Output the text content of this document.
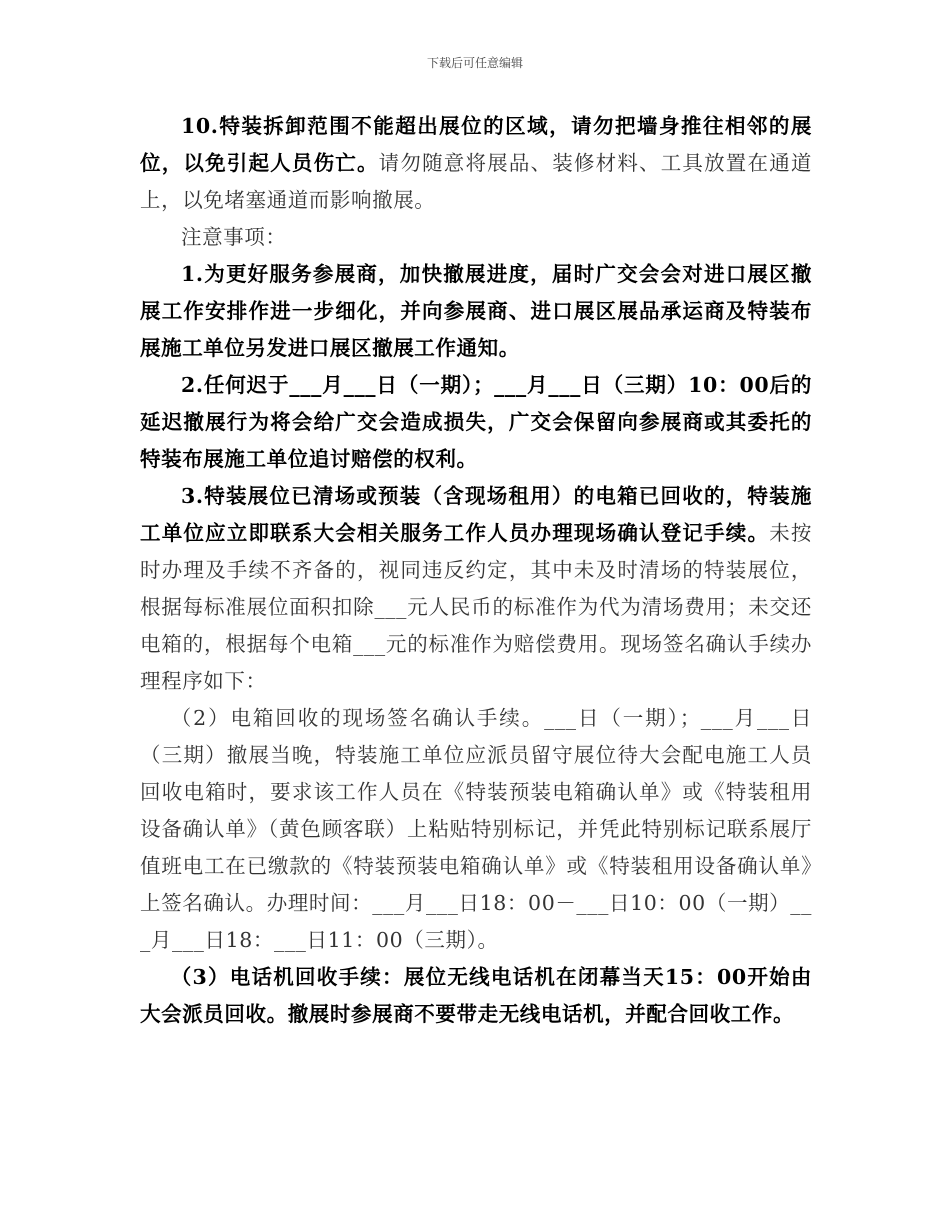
下载后可任意编辑

10.特装拆卸范围不能超出展位的区域，请勿把墙身推往相邻的展位，以免引起人员伤亡。请勿随意将展品、装修材料、工具放置在通道上，以免堵塞通道而影响撤展。

注意事项：

1.为更好服务参展商，加快撤展进度，届时广交会会对进口展区撤展工作安排作进一步细化，并向参展商、进口展区展品承运商及特装布展施工单位另发进口展区撤展工作通知。

2.任何迟于___月___日（一期）；___月___日（三期）10：00后的延迟撤展行为将会给广交会造成损失，广交会保留向参展商或其委托的特装布展施工单位追讨赔偿的权利。

3.特装展位已清场或预装（含现场租用）的电箱已回收的，特装施工单位应立即联系大会相关服务工作人员办理现场确认登记手续。未按时办理及手续不齐备的，视同违反约定，其中未及时清场的特装展位，根据每标准展位面积扣除___元人民币的标准作为代为清场费用；未交还电箱的，根据每个电箱___元的标准作为赔偿费用。现场签名确认手续办理程序如下：

（2）电箱回收的现场签名确认手续。___日（一期）；___月___日（三期）撤展当晚，特装施工单位应派员留守展位待大会配电施工人员回收电箱时，要求该工作人员在《特装预装电箱确认单》或《特装租用设备确认单》（黄色顾客联）上粘贴特别标记，并凭此特别标记联系展厅值班电工在已缴款的《特装预装电箱确认单》或《特装租用设备确认单》上签名确认。办理时间：___月___日18：00－___日10：00（一期）___月___日18：___日11：00（三期）。

（3）电话机回收手续：展位无线电话机在闭幕当天15：00开始由大会派员回收。撤展时参展商不要带走无线电话机，并配合回收工作。
